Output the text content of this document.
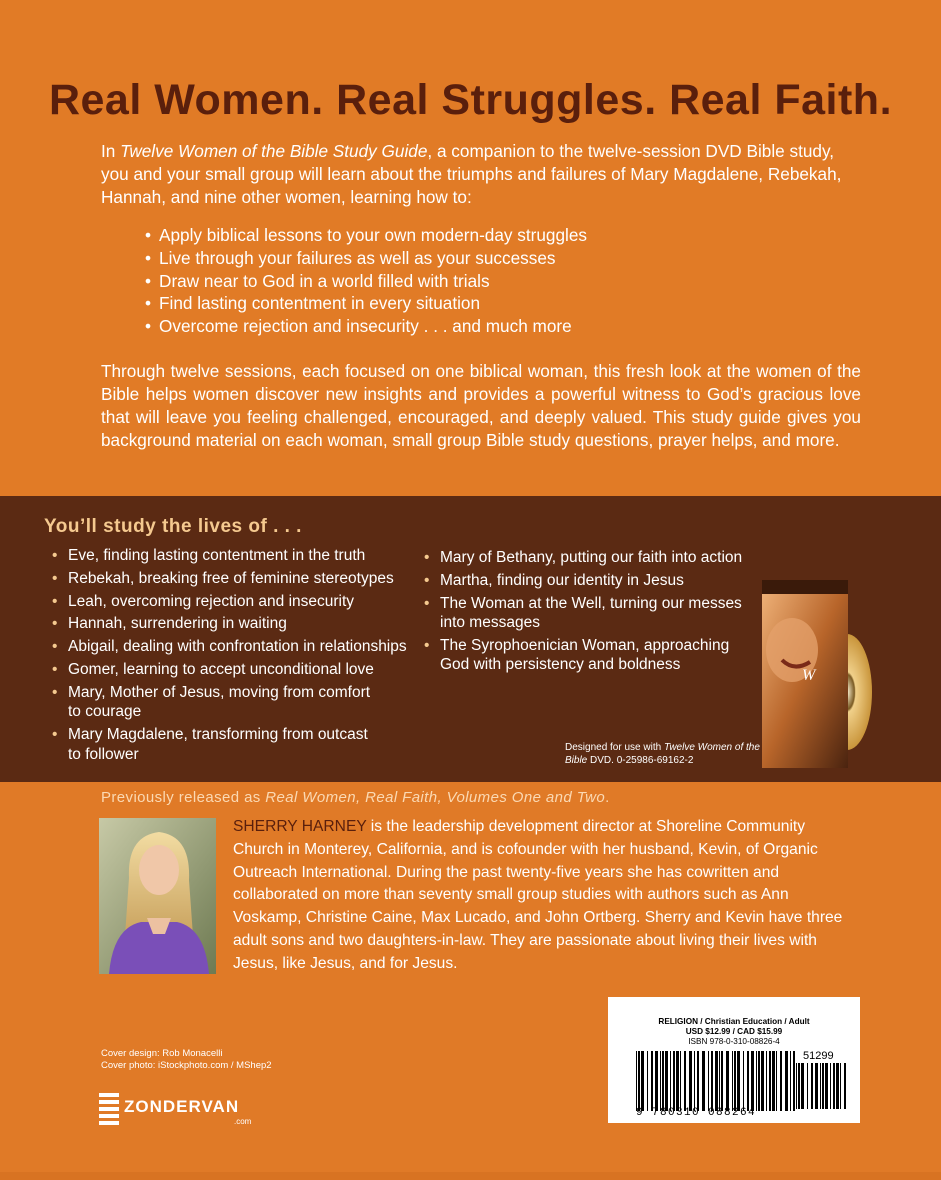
Real Women. Real Struggles. Real Faith.

In Twelve Women of the Bible Study Guide, a companion to the twelve-session DVD Bible study, you and your small group will learn about the triumphs and failures of Mary Magdalene, Rebekah, Hannah, and nine other women, learning how to:

• Apply biblical lessons to your own modern-day struggles
• Live through your failures as well as your successes
• Draw near to God in a world filled with trials
• Find lasting contentment in every situation
• Overcome rejection and insecurity . . . and much more

Through twelve sessions, each focused on one biblical woman, this fresh look at the women of the Bible helps women discover new insights and provides a powerful witness to God’s gracious love that will leave you feeling challenged, encouraged, and deeply valued. This study guide gives you background material on each woman, small group Bible study questions, prayer helps, and more.

You’ll study the lives of . . .
• Eve, finding lasting contentment in the truth
• Rebekah, breaking free of feminine stereotypes
• Leah, overcoming rejection and insecurity
• Hannah, surrendering in waiting
• Abigail, dealing with confrontation in relationships
• Gomer, learning to accept unconditional love
• Mary, Mother of Jesus, moving from comfort to courage
• Mary Magdalene, transforming from outcast to follower
• Mary of Bethany, putting our faith into action
• Martha, finding our identity in Jesus
• The Woman at the Well, turning our messes into messages
• The Syrophoenician Woman, approaching God with persistency and boldness
W
Designed for use with Twelve Women of the Bible DVD. 0-25986-69162-2

Previously released as Real Women, Real Faith, Volumes One and Two.

SHERRY HARNEY is the leadership development director at Shoreline Community Church in Monterey, California, and is cofounder with her husband, Kevin, of Organic Outreach International. During the past twenty-five years she has cowritten and collaborated on more than seventy small group studies with authors such as Ann Voskamp, Christine Caine, Max Lucado, and John Ortberg. Sherry and Kevin have three adult sons and two daughters-in-law. They are passionate about living their lives with Jesus, like Jesus, and for Jesus.

Cover design: Rob Monacelli
Cover photo: iStockphoto.com / MShep2
ZONDERVAN
.com
RELIGION / Christian Education / Adult
USD $12.99 / CAD $15.99
ISBN 978-0-310-08826-4
51299
9 780310 088264
